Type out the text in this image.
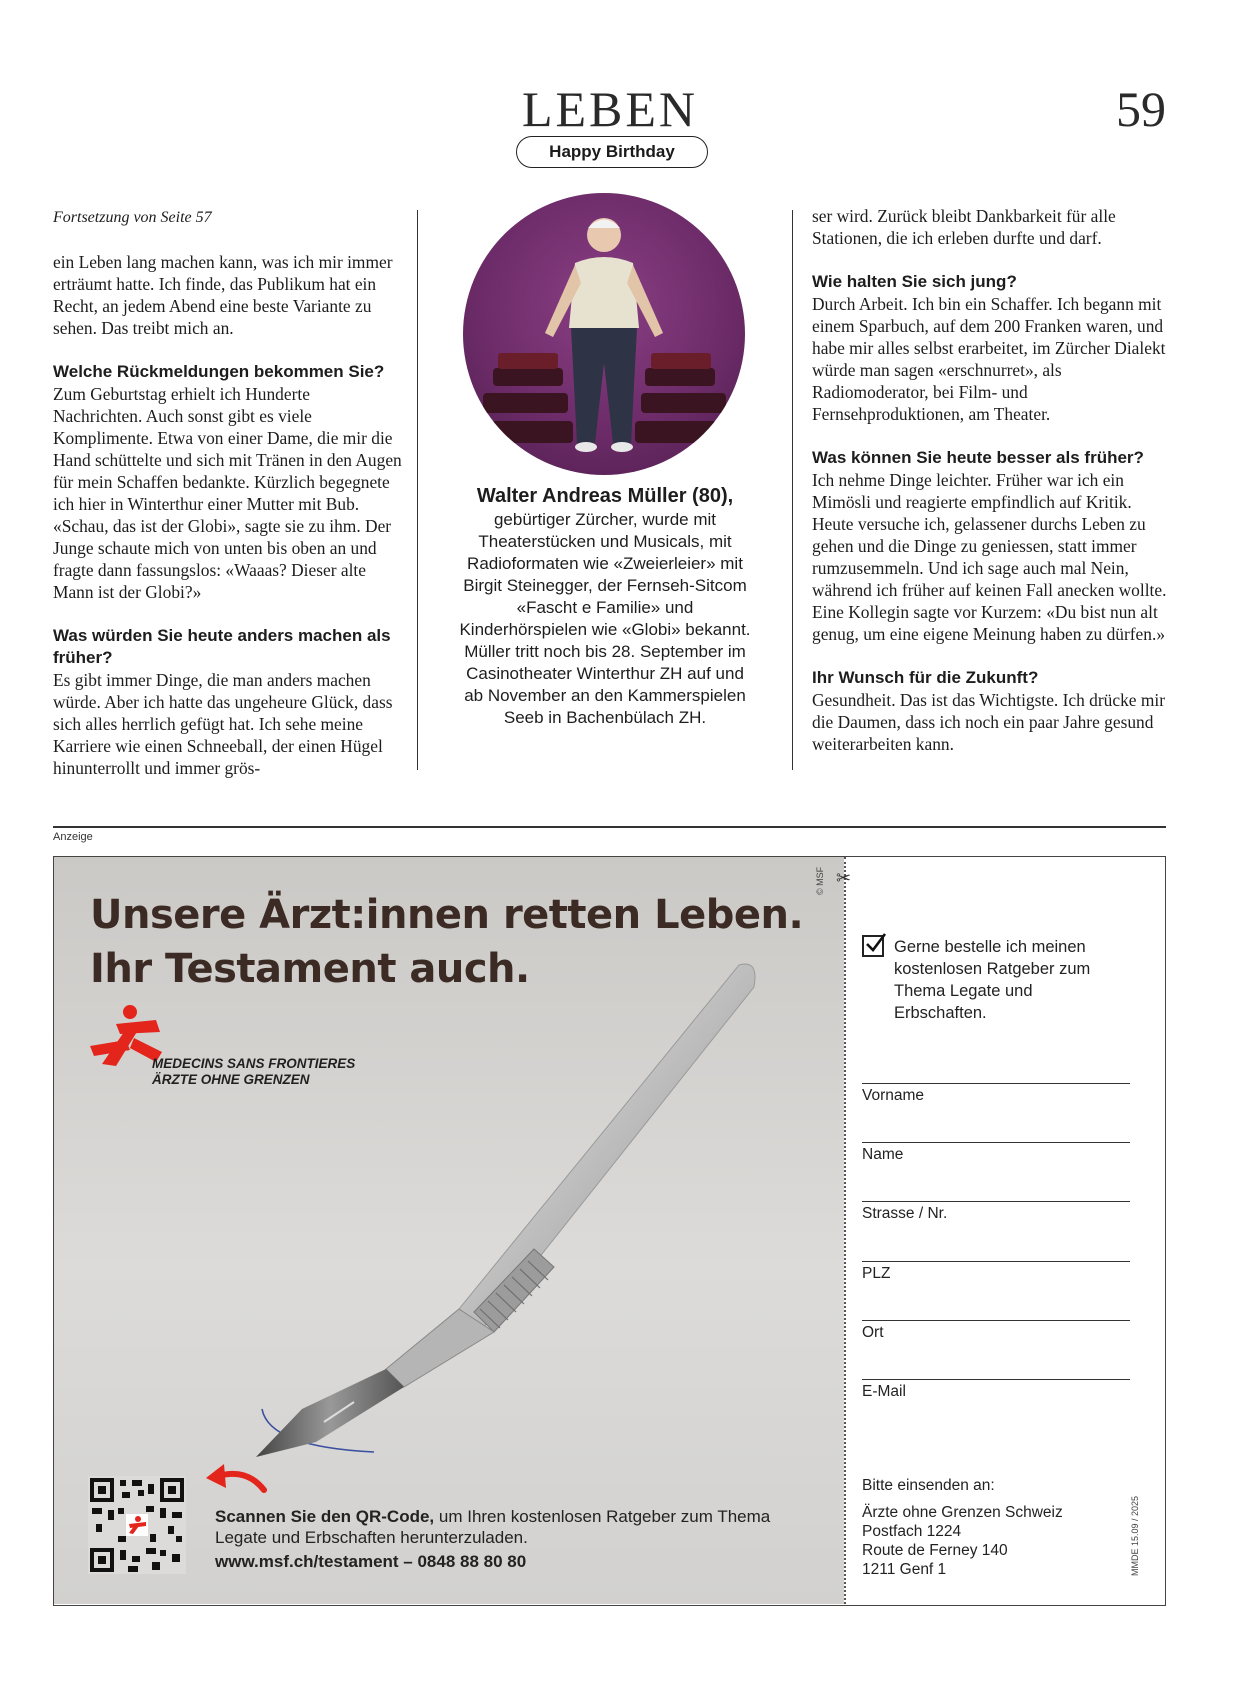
LEBEN	59
Happy Birthday

Fortsetzung von Seite 57

ein Leben lang machen kann, was ich mir immer erträumt hatte. Ich finde, das Publikum hat ein Recht, an jedem Abend eine beste Variante zu sehen. Das treibt mich an.

Welche Rückmeldungen bekommen Sie?
Zum Geburtstag erhielt ich Hunderte Nachrichten. Auch sonst gibt es viele Komplimente. Etwa von einer Dame, die mir die Hand schüttelte und sich mit Tränen in den Augen für mein Schaffen bedankte. Kürzlich begegnete ich hier in Winterthur einer Mutter mit Bub. «Schau, das ist der Globi», sagte sie zu ihm. Der Junge schaute mich von unten bis oben an und fragte dann fassungslos: «Waaas? Dieser alte Mann ist der Globi?»

Was würden Sie heute anders machen als früher?
Es gibt immer Dinge, die man anders machen würde. Aber ich hatte das ungeheure Glück, dass sich alles herrlich gefügt hat. Ich sehe meine Karriere wie einen Schneeball, der einen Hügel hinunterrollt und immer grös-

Walter Andreas Müller (80),
gebürtiger Zürcher, wurde mit Theaterstücken und Musicals, mit Radioformaten wie «Zweierleier» mit Birgit Steinegger, der Fernseh-Sitcom «Fascht e Familie» und Kinderhörspielen wie «Globi» bekannt. Müller tritt noch bis 28. September im Casinotheater Winterthur ZH auf und ab November an den Kammerspielen Seeb in Bachenbülach ZH.

ser wird. Zurück bleibt Dankbarkeit für alle Stationen, die ich erleben durfte und darf.

Wie halten Sie sich jung?
Durch Arbeit. Ich bin ein Schaffer. Ich begann mit einem Sparbuch, auf dem 200 Franken waren, und habe mir alles selbst erarbeitet, im Zürcher Dialekt würde man sagen «erschnurret», als Radiomoderator, bei Film- und Fernsehproduktionen, am Theater.

Was können Sie heute besser als früher?
Ich nehme Dinge leichter. Früher war ich ein Mimösli und reagierte empfindlich auf Kritik. Heute versuche ich, gelassener durchs Leben zu gehen und die Dinge zu geniessen, statt immer rumzusemmeln. Und ich sage auch mal Nein, während ich früher auf keinen Fall anecken wollte. Eine Kollegin sagte vor Kurzem: «Du bist nun alt genug, um eine eigene Meinung haben zu dürfen.»

Ihr Wunsch für die Zukunft?
Gesundheit. Das ist das Wichtigste. Ich drücke mir die Daumen, dass ich noch ein paar Jahre gesund weiterarbeiten kann.

Anzeige
✂
Unsere Ärzt:innen retten Leben.
Ihr Testament auch.
© MSF
MEDECINS SANS FRONTIERES
ÄRZTE OHNE GRENZEN
Scannen Sie den QR-Code, um Ihren kostenlosen Ratgeber zum Thema Legate und Erbschaften herunterzuladen.
www.msf.ch/testament – 0848 88 80 80
Gerne bestelle ich meinen kostenlosen Ratgeber zum Thema Legate und Erbschaften.
Vorname
Name
Strasse / Nr.
PLZ
Ort
E-Mail
Bitte einsenden an:
Ärzte ohne Grenzen Schweiz
Postfach 1224
Route de Ferney 140
1211 Genf 1	MMDE 15.09 / 2025
